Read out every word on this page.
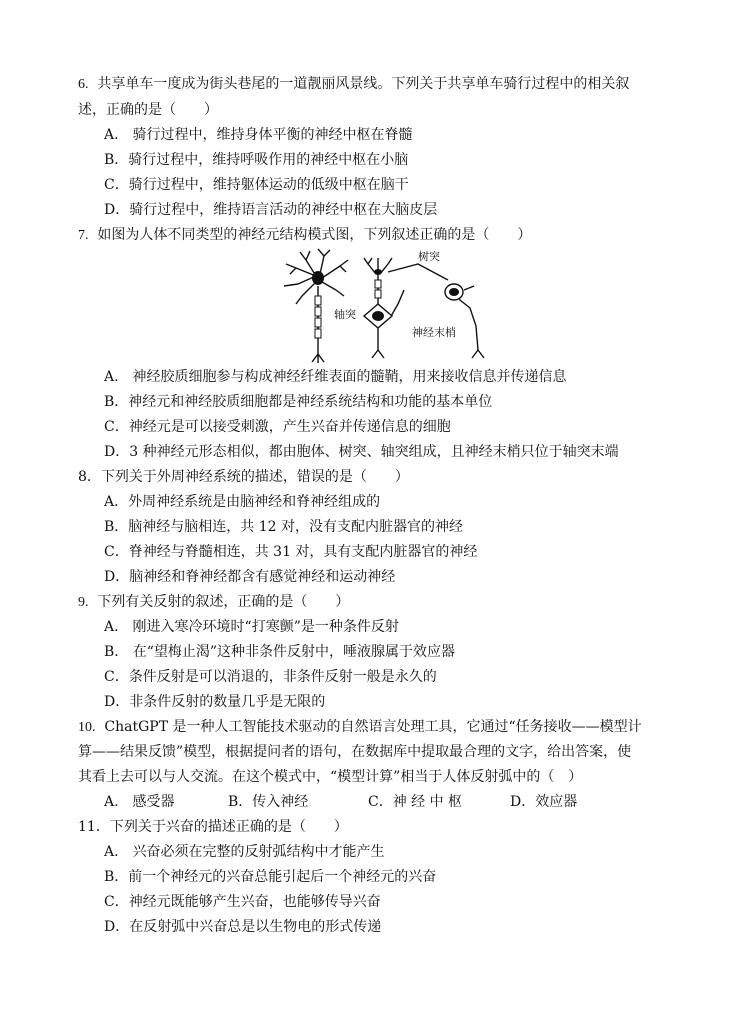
6. 共享单车一度成为街头巷尾的一道靓丽风景线。下列关于共享单车骑行过程中的相关叙
述，正确的是（　　）
A.　骑行过程中，维持身体平衡的神经中枢在脊髓
B．骑行过程中，维持呼吸作用的神经中枢在小脑
C．骑行过程中，维持躯体运动的低级中枢在脑干
D．骑行过程中，维持语言活动的神经中枢在大脑皮层
7. 如图为人体不同类型的神经元结构模式图，下列叙述正确的是（　　）
树突
轴突
神经末梢
A.　神经胶质细胞参与构成神经纤维表面的髓鞘，用来接收信息并传递信息
B．神经元和神经胶质细胞都是神经系统结构和功能的基本单位
C．神经元是可以接受刺激，产生兴奋并传递信息的细胞
D．3 种神经元形态相似，都由胞体、树突、轴突组成，且神经末梢只位于轴突末端
8．下列关于外周神经系统的描述，错误的是（　　）
A．外周神经系统是由脑神经和脊神经组成的
B．脑神经与脑相连，共 12 对，没有支配内脏器官的神经
C．脊神经与脊髓相连，共 31 对，具有支配内脏器官的神经
D．脑神经和脊神经都含有感觉神经和运动神经
9. 下列有关反射的叙述，正确的是（　　）
A.　刚进入寒冷环境时“打寒颤”是一种条件反射
B.　在“望梅止渴”这种非条件反射中，唾液腺属于效应器
C．条件反射是可以消退的，非条件反射一般是永久的
D．非条件反射的数量几乎是无限的
10. ChatGPT 是一种人工智能技术驱动的自然语言处理工具，它通过“任务接收——模型计
算——结果反馈”模型，根据提问者的语句，在数据库中提取最合理的文字，给出答案，使
其看上去可以与人交流。在这个模式中，“模型计算”相当于人体反射弧中的（　）
A.　感受器	B．传入神经	C．神 经 中 枢	D．效应器
11．下列关于兴奋的描述正确的是（　　）
A.　兴奋必须在完整的反射弧结构中才能产生
B．前一个神经元的兴奋总能引起后一个神经元的兴奋
C．神经元既能够产生兴奋，也能够传导兴奋
D．在反射弧中兴奋总是以生物电的形式传递
